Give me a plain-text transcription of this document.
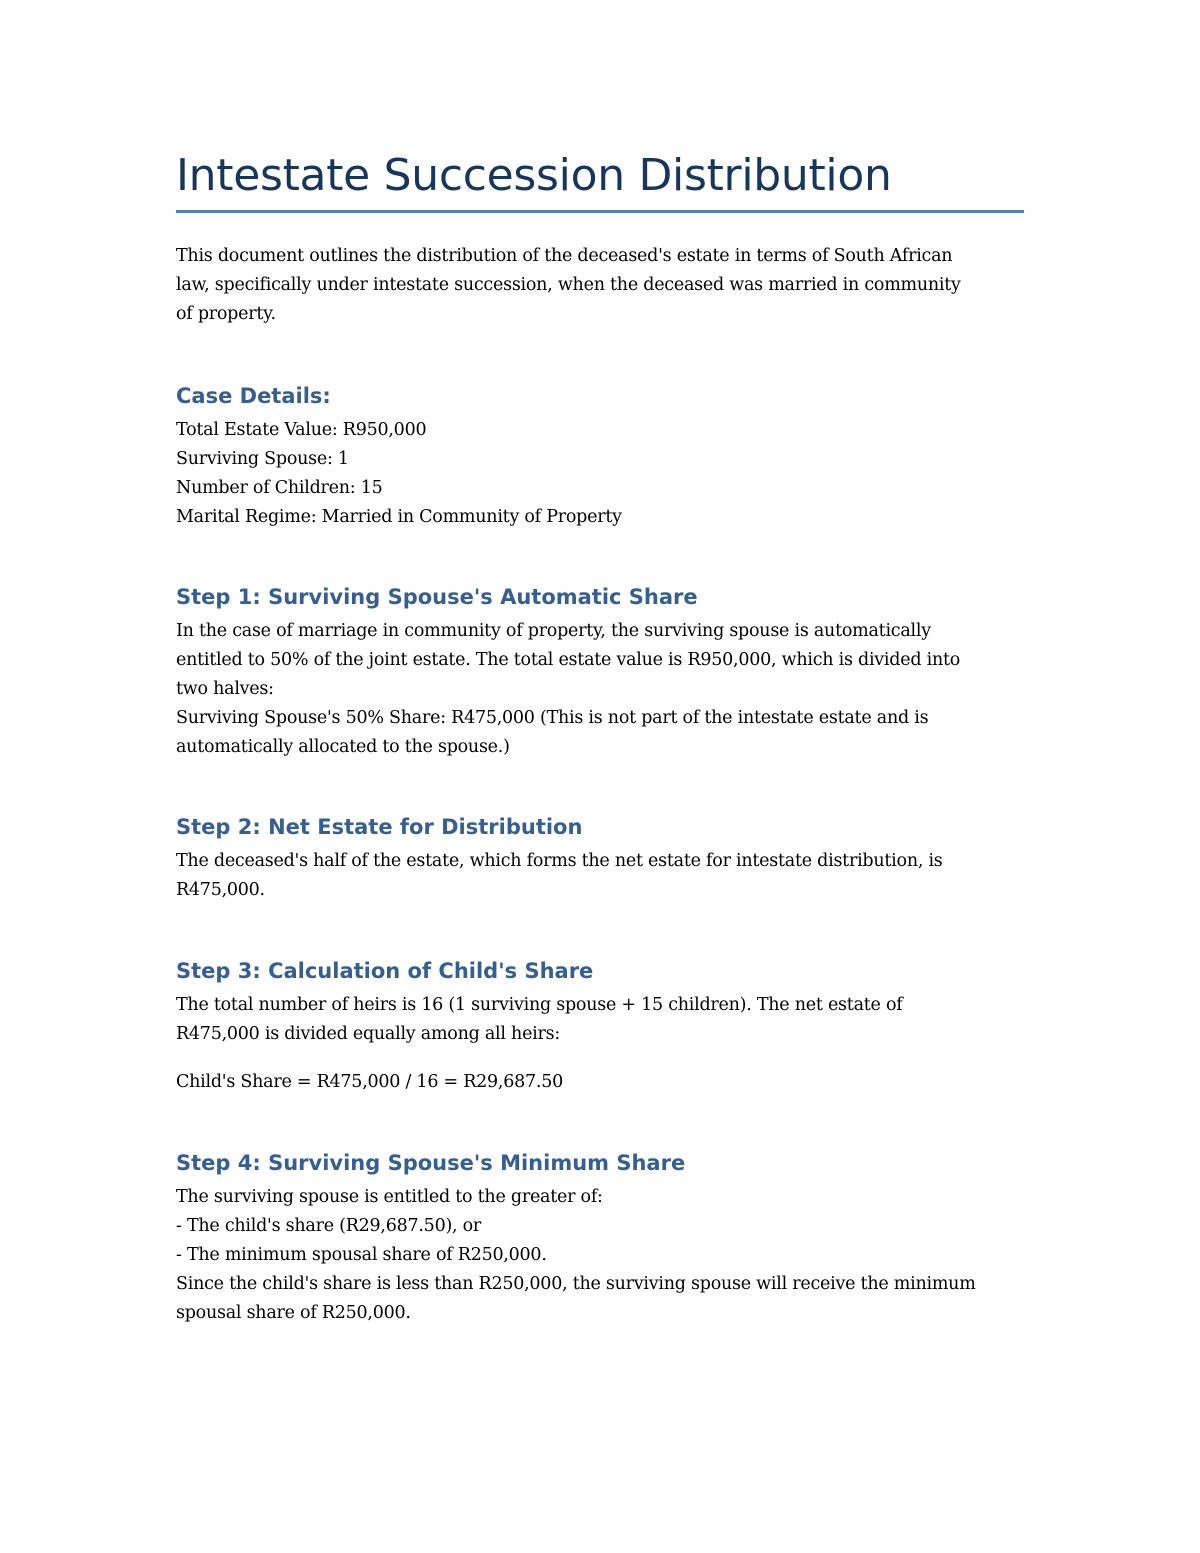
Intestate Succession Distribution
This document outlines the distribution of the deceased's estate in terms of South African
law, specifically under intestate succession, when the deceased was married in community
of property.
Case Details:
Total Estate Value: R950,000
Surviving Spouse: 1
Number of Children: 15
Marital Regime: Married in Community of Property
Step 1: Surviving Spouse's Automatic Share
In the case of marriage in community of property, the surviving spouse is automatically
entitled to 50% of the joint estate. The total estate value is R950,000, which is divided into
two halves:
Surviving Spouse's 50% Share: R475,000 (This is not part of the intestate estate and is
automatically allocated to the spouse.)
Step 2: Net Estate for Distribution
The deceased's half of the estate, which forms the net estate for intestate distribution, is
R475,000.
Step 3: Calculation of Child's Share
The total number of heirs is 16 (1 surviving spouse + 15 children). The net estate of
R475,000 is divided equally among all heirs:
Child's Share = R475,000 / 16 = R29,687.50
Step 4: Surviving Spouse's Minimum Share
The surviving spouse is entitled to the greater of:
- The child's share (R29,687.50), or
- The minimum spousal share of R250,000.
Since the child's share is less than R250,000, the surviving spouse will receive the minimum
spousal share of R250,000.
